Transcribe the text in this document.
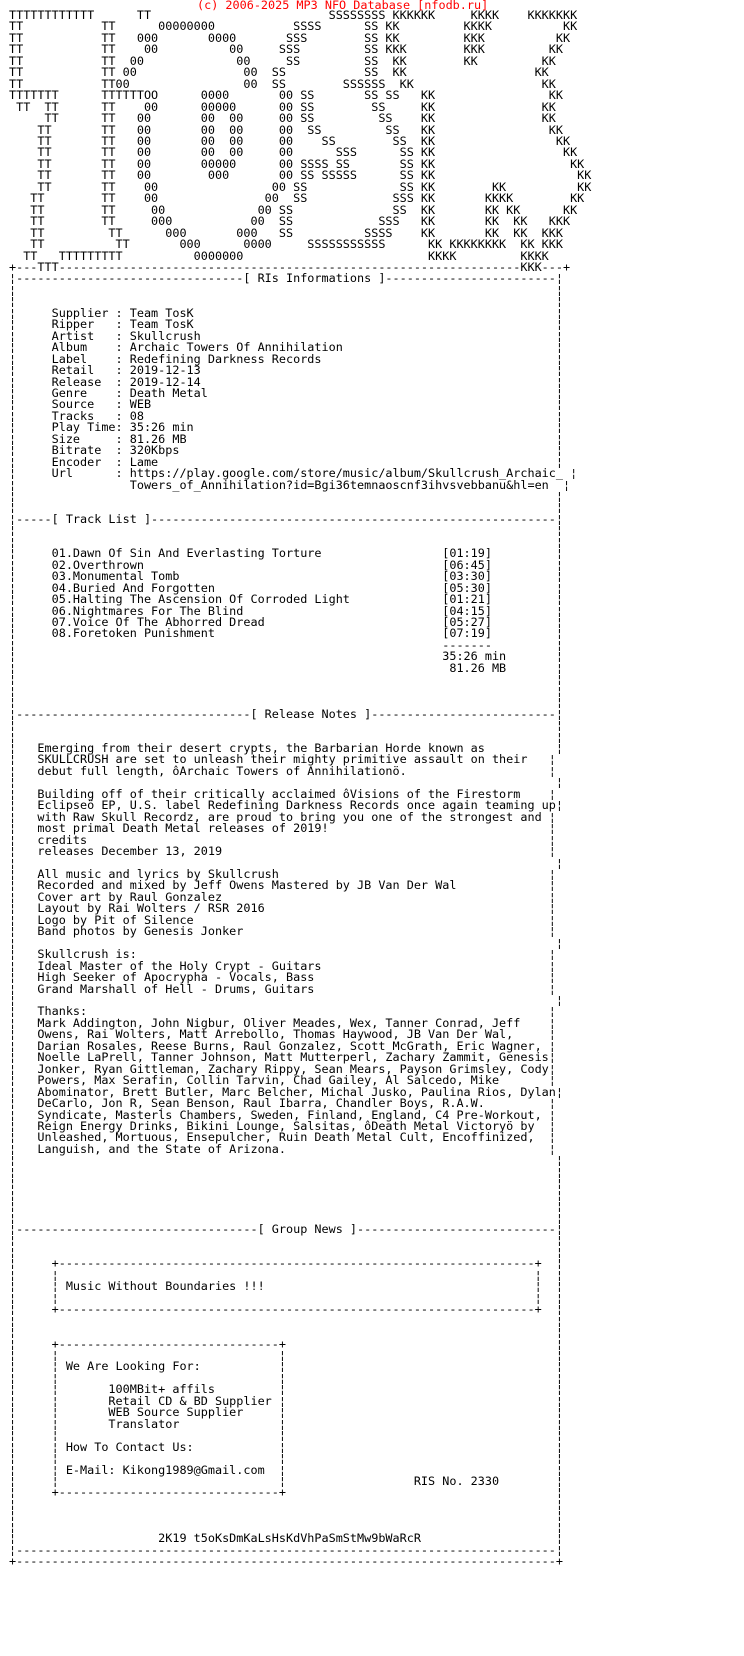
(c) 2006-2025 MP3 NFO Database [nfodb.ru]
TTTTTTTTTTTT      TT                         SSSSSSSS KKKKKK     KKKK    KKKKKKK
TT           TT      00000000           SSSS      SS KK         KKKK          KK
TT           TT   000       0000       SSS        SS KK         KKK          KK
TT           TT    00          00     SSS         SS KKK        KKK         KK
TT           TT  00             00     SS         SS  KK        KK         KK
TT           TT 00               00  SS           SS  KK                  KK
TT           TT00                00  SS        SSSSSS  KK                  KK
TTTTTTT      TTTTTTOO      0000       00 SS       SS SS   KK                KK
TT  TT      TT    00      00000      00 SS        SS     KK               KK
TT      TT   00       00  00     00 SS         SS    KK               KK
TT       TT   00       00  00     00  SS         SS   KK                KK
TT       TT   00       00  00     00    SS        SS  KK                 KK
TT       TT   00       00  00     00      SSS      SS KK                  KK
TT       TT   00       00000      00 SSSS SS       SS KK                   KK
TT       TT   00        000       00 SS SSSSS      SS KK                    KK
TT       TT    00                00 SS             SS KK        KK          KK
TT        TT    00               00  SS            SSS KK       KKKK        KK
TT        TT     00             00 SS              SS  KK       KK KK      KK
TT        TT     000           00  SS            SSS   KK       KK  KK   KKK
TT         TT      000       000   SS          SSSS    KK       KK  KK  KKK
TT          TT       000      0000     SSSSSSSSSSS      KK KKKKKKKK  KK KKK
TT   TTTTTTTTT          0000000                          KKKK         KKKK
+---TTT-----------------------------------------------------------------KKK---+
¦--------------------------------[ RIs Informations ]------------------------¦
¦                                                                            ¦
¦                                                                            ¦
¦     Supplier : Team TosK                                                   ¦
¦     Ripper   : Team TosK                                                   ¦
¦     Artist   : Skullcrush                                                  ¦
¦     Album    : Archaic Towers Of Annihilation                              ¦
¦     Label    : Redefining Darkness Records                                 ¦
¦     Retail   : 2019-12-13                                                  ¦
¦     Release  : 2019-12-14                                                  ¦
¦     Genre    : Death Metal                                                 ¦
¦     Source   : WEB                                                         ¦
¦     Tracks   : 08                                                          ¦
¦     Play Time: 35:26 min                                                   ¦
¦     Size     : 81.26 MB                                                    ¦
¦     Bitrate  : 320Kbps                                                     ¦
¦     Encoder  : Lame                                                        ¦
¦     Url      : https://play.google.com/store/music/album/Skullcrush_Archaic_ ¦
¦                Towers_of_Annihilation?id=Bgi36temnaoscnf3ihvsvebbanu&hl=en  ¦
¦                                                                            ¦
¦                                                                            ¦
¦-----[ Track List ]---------------------------------------------------------¦
¦                                                                            ¦
¦                                                                            ¦
¦     01.Dawn Of Sin And Everlasting Torture                 [01:19]         ¦
¦     02.Overthrown                                          [06:45]         ¦
¦     03.Monumental Tomb                                     [03:30]         ¦
¦     04.Buried And Forgotten                                [05:30]         ¦
¦     05.Halting The Ascension Of Corroded Light             [01:21]         ¦
¦     06.Nightmares For The Blind                            [04:15]         ¦
¦     07.Voice Of The Abhorred Dread                         [05:27]         ¦
¦     08.Foretoken Punishment                                [07:19]         ¦
¦                                                            -------         ¦
¦                                                            35:26 min       ¦
¦                                                             81.26 MB       ¦
¦                                                                            ¦
¦                                                                            ¦
¦                                                                            ¦
¦---------------------------------[ Release Notes ]--------------------------¦
¦                                                                            ¦
¦                                                                            ¦
¦   Emerging from their desert crypts, the Barbarian Horde known as          ¦
¦   SKULLCRUSH are set to unleash their mighty primitive assault on their   ¦
¦   debut full length, ôArchaic Towers of Annihilationö.                    ¦
¦                                                                            ¦
¦   Building off of their critically acclaimed ôVisions of the Firestorm    ¦
¦   Eclipseö EP, U.S. label Redefining Darkness Records once again teaming up¦
¦   with Raw Skull Recordz, are proud to bring you one of the strongest and ¦
¦   most primal Death Metal releases of 2019!                               ¦
¦   credits                                                                 ¦
¦   releases December 13, 2019                                              ¦
¦                                                                            ¦
¦   All music and lyrics by Skullcrush                                      ¦
¦   Recorded and mixed by Jeff Owens Mastered by JB Van Der Wal             ¦
¦   Cover art by Raul Gonzalez                                              ¦
¦   Layout by Rai Wolters / RSR 2016                                        ¦
¦   Logo by Pit of Silence                                                  ¦
¦   Band photos by Genesis Jonker                                           ¦
¦                                                                            ¦
¦   Skullcrush is:                                                          ¦
¦   Ideal Master of the Holy Crypt - Guitars                                ¦
¦   High Seeker of Apocrypha - Vocals, Bass                                 ¦
¦   Grand Marshall of Hell - Drums, Guitars                                 ¦
¦                                                                            ¦
¦   Thanks:                                                                 ¦
¦   Mark Addington, John Nigbur, Oliver Meades, Wex, Tanner Conrad, Jeff    ¦
¦   Owens, Rai Wolters, Matt Arrebollo, Thomas Haywood, JB Van Der Wal,     ¦
¦   Darian Rosales, Reese Burns, Raul Gonzalez, Scott McGrath, Eric Wagner, ¦
¦   Noelle LaPrell, Tanner Johnson, Matt Mutterperl, Zachary Zammit, Genesis¦
¦   Jonker, Ryan Gittleman, Zachary Rippy, Sean Mears, Payson Grimsley, Cody¦
¦   Powers, Max Serafin, Collin Tarvin, Chad Gailey, Al Salcedo, Mike       ¦
¦   Abominator, Brett Butler, Marc Belcher, Michal Jusko, Paulina Rios, Dylan¦
¦   DeCarlo, Jon R, Sean Benson, Raul Ibarra, Chandler Boys, R.A.W.         ¦
¦   Syndicate, Masterĺs Chambers, Sweden, Finland, England, C4 Pre-Workout, ¦
¦   Reign Energy Drinks, Bikini Lounge, Salsitas, ôDeath Metal Victoryö by  ¦
¦   Unleashed, Mortuous, Ensepulcher, Ruin Death Metal Cult, Encoffinized,  ¦
¦   Languish, and the State of Arizona.                                     ¦
¦                                                                            ¦
¦                                                                            ¦
¦                                                                            ¦
¦                                                                            ¦
¦                                                                            ¦
¦                                                                            ¦
¦----------------------------------[ Group News ]----------------------------¦
¦                                                                            ¦
¦                                                                            ¦
¦     +-------------------------------------------------------------------+  ¦
¦     ¦                                                                   ¦  ¦
¦     ¦ Music Without Boundaries !!!                                      ¦  ¦
¦     ¦                                                                   ¦  ¦
¦     +-------------------------------------------------------------------+  ¦
¦                                                                            ¦
¦                                                                            ¦
¦     +-------------------------------+                                      ¦
¦     ¦                               ¦                                      ¦
¦     ¦ We Are Looking For:           ¦                                      ¦
¦     ¦                               ¦                                      ¦
¦     ¦       100MBit+ affils         ¦                                      ¦
¦     ¦       Retail CD & BD Supplier ¦                                      ¦
¦     ¦       WEB Source Supplier     ¦                                      ¦
¦     ¦       Translator              ¦                                      ¦
¦     ¦                               ¦                                      ¦
¦     ¦ How To Contact Us:            ¦                                      ¦
¦     ¦                               ¦                                      ¦
¦     ¦ E-Mail: Kikong1989@Gmail.com  ¦                                      ¦
¦     ¦                               ¦                  RIS No. 2330        ¦
¦     +-------------------------------+                                      ¦
¦                                                                            ¦
¦                                                                            ¦
¦                                                                            ¦
¦                    2K19 t5oKsDmKaLsHsKdVhPaSmStMw9bWaRcR                   ¦
¦----------------------------------------------------------------------------¦
+----------------------------------------------------------------------------+
